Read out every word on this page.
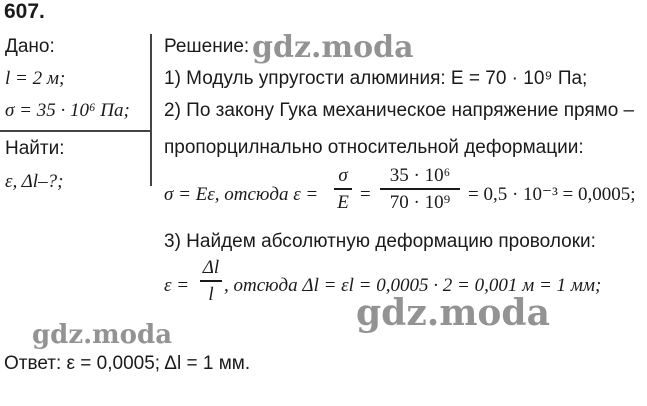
607.
Дано:
l = 2 м;
σ = 35 · 10⁶ Па;
Найти:
ε, Δl–?;
Решение:
1) Модуль упругости алюминия: E = 70 · 10⁹ Па;
2) По закону Гука механическое напряжение прямо –
пропорцилнально относительной деформации:
σ = Eε, отсюда ε =
σ
E =
35 · 10⁶
70 · 10⁹ = 0,5 · 10⁻³ = 0,0005;
3) Найдем абсолютную деформацию проволоки:
ε =
Δl
l , отсюда Δl = εl = 0,0005 · 2 = 0,001 м = 1 мм;
Ответ: ε = 0,0005; Δl = 1 мм.
gdz.moda
gdz.moda
gdz.moda
